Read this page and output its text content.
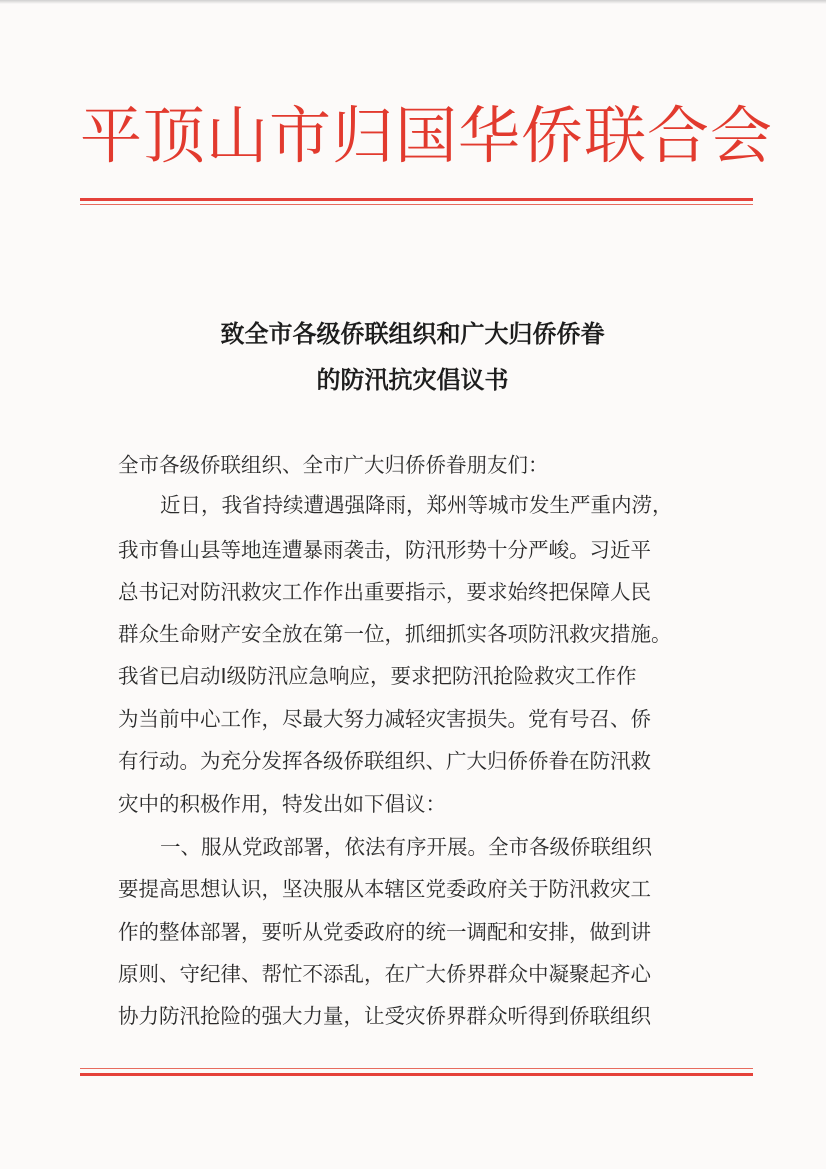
平顶山市归国华侨联合会
致全市各级侨联组织和广大归侨侨眷
的防汛抗灾倡议书
全市各级侨联组织、全市广大归侨侨眷朋友们：
近日，我省持续遭遇强降雨，郑州等城市发生严重内涝，
我市鲁山县等地连遭暴雨袭击，防汛形势十分严峻。习近平
总书记对防汛救灾工作作出重要指示，要求始终把保障人民
群众生命财产安全放在第一位，抓细抓实各项防汛救灾措施。
我省已启动Ⅰ级防汛应急响应，要求把防汛抢险救灾工作作
为当前中心工作，尽最大努力减轻灾害损失。党有号召、侨
有行动。为充分发挥各级侨联组织、广大归侨侨眷在防汛救
灾中的积极作用，特发出如下倡议：
一、服从党政部署，依法有序开展。全市各级侨联组织
要提高思想认识，坚决服从本辖区党委政府关于防汛救灾工
作的整体部署，要听从党委政府的统一调配和安排，做到讲
原则、守纪律、帮忙不添乱，在广大侨界群众中凝聚起齐心
协力防汛抢险的强大力量，让受灾侨界群众听得到侨联组织
